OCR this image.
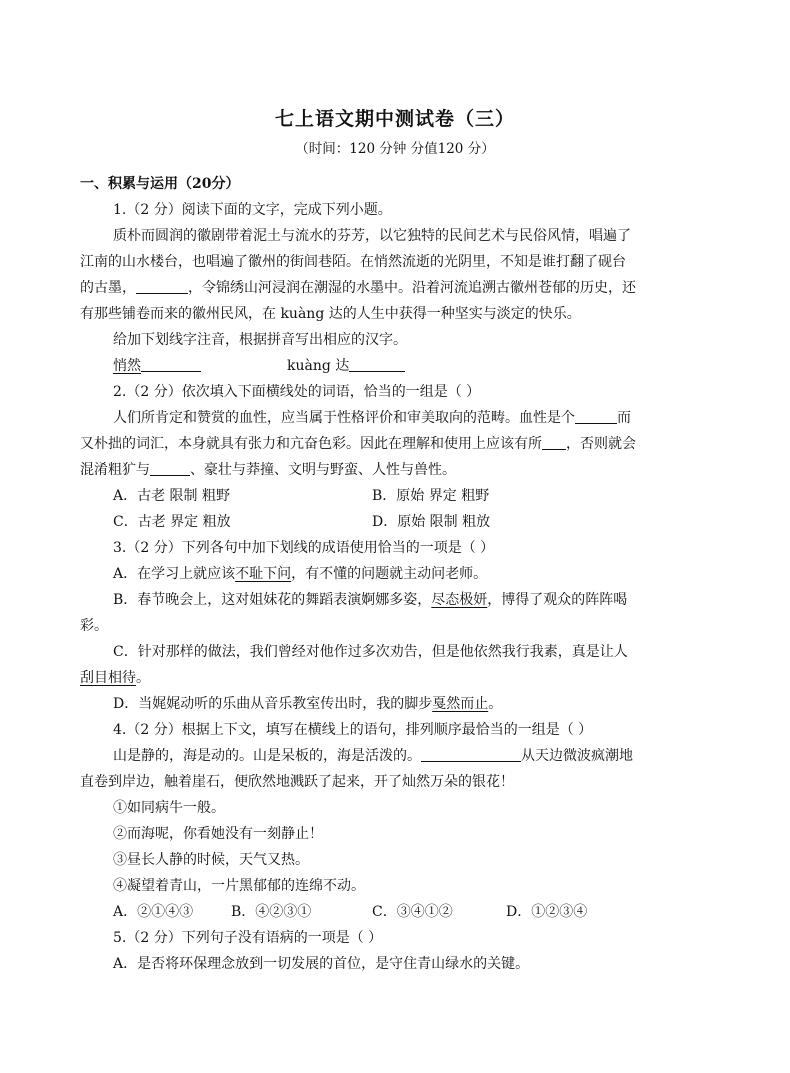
七上语文期中测试卷（三）
（时间：120 分钟 分值120 分）
一、积累与运用（20分）
1.（2 分）阅读下面的文字，完成下列小题。
质朴而圆润的徽剧带着泥土与流水的芬芳，以它独特的民间艺术与民俗风情，唱遍了
江南的山水楼台，也唱遍了徽州的街闾巷陌。在悄然流逝的光阴里，不知是谁打翻了砚台
的古墨，	，令锦绣山河浸润在潮湿的水墨中。沿着河流追溯古徽州苍郁的历史，还
有那些铺卷而来的徽州民风，在 kuàng 达的人生中获得一种坚实与淡定的快乐。
给加下划线字注音，根据拼音写出相应的汉字。
悄然	kuàng 达
2.（2 分）依次填入下面横线处的词语，恰当的一组是（ ）
人们所肯定和赞赏的血性，应当属于性格评价和审美取向的范畴。血性是个	而
又朴拙的词汇，本身就具有张力和亢奋色彩。因此在理解和使用上应该有所 ，否则就会
混淆粗犷与	、豪壮与莽撞、文明与野蛮、人性与兽性。
A．古老 限制 粗野	B．原始 界定 粗野
C．古老 界定 粗放	D．原始 限制 粗放
3.（2 分）下列各句中加下划线的成语使用恰当的一项是（ ）
A．在学习上就应该不耻下问，有不懂的问题就主动问老师。
B．春节晚会上，这对姐妹花的舞蹈表演婀娜多姿，尽态极妍，博得了观众的阵阵喝
彩。
C．针对那样的做法，我们曾经对他作过多次劝告，但是他依然我行我素，真是让人
刮目相待。
D．当娓娓动听的乐曲从音乐教室传出时，我的脚步戛然而止。
4.（2 分）根据上下文，填写在横线上的语句，排列顺序最恰当的一组是（ ）
山是静的，海是动的。山是呆板的，海是活泼的。	从天边微波疯潮地
直卷到岸边，触着崖石，便欣然地溅跃了起来，开了灿然万朵的银花！
①如同病牛一般。
②而海呢，你看她没有一刻静止！
③昼长人静的时候，天气又热。
④凝望着青山，一片黑郁郁的连绵不动。
A．②①④③	B．④②③①	C．③④①②	D．①②③④
5.（2 分）下列句子没有语病的一项是（ ）
A．是否将环保理念放到一切发展的首位，是守住青山绿水的关键。
